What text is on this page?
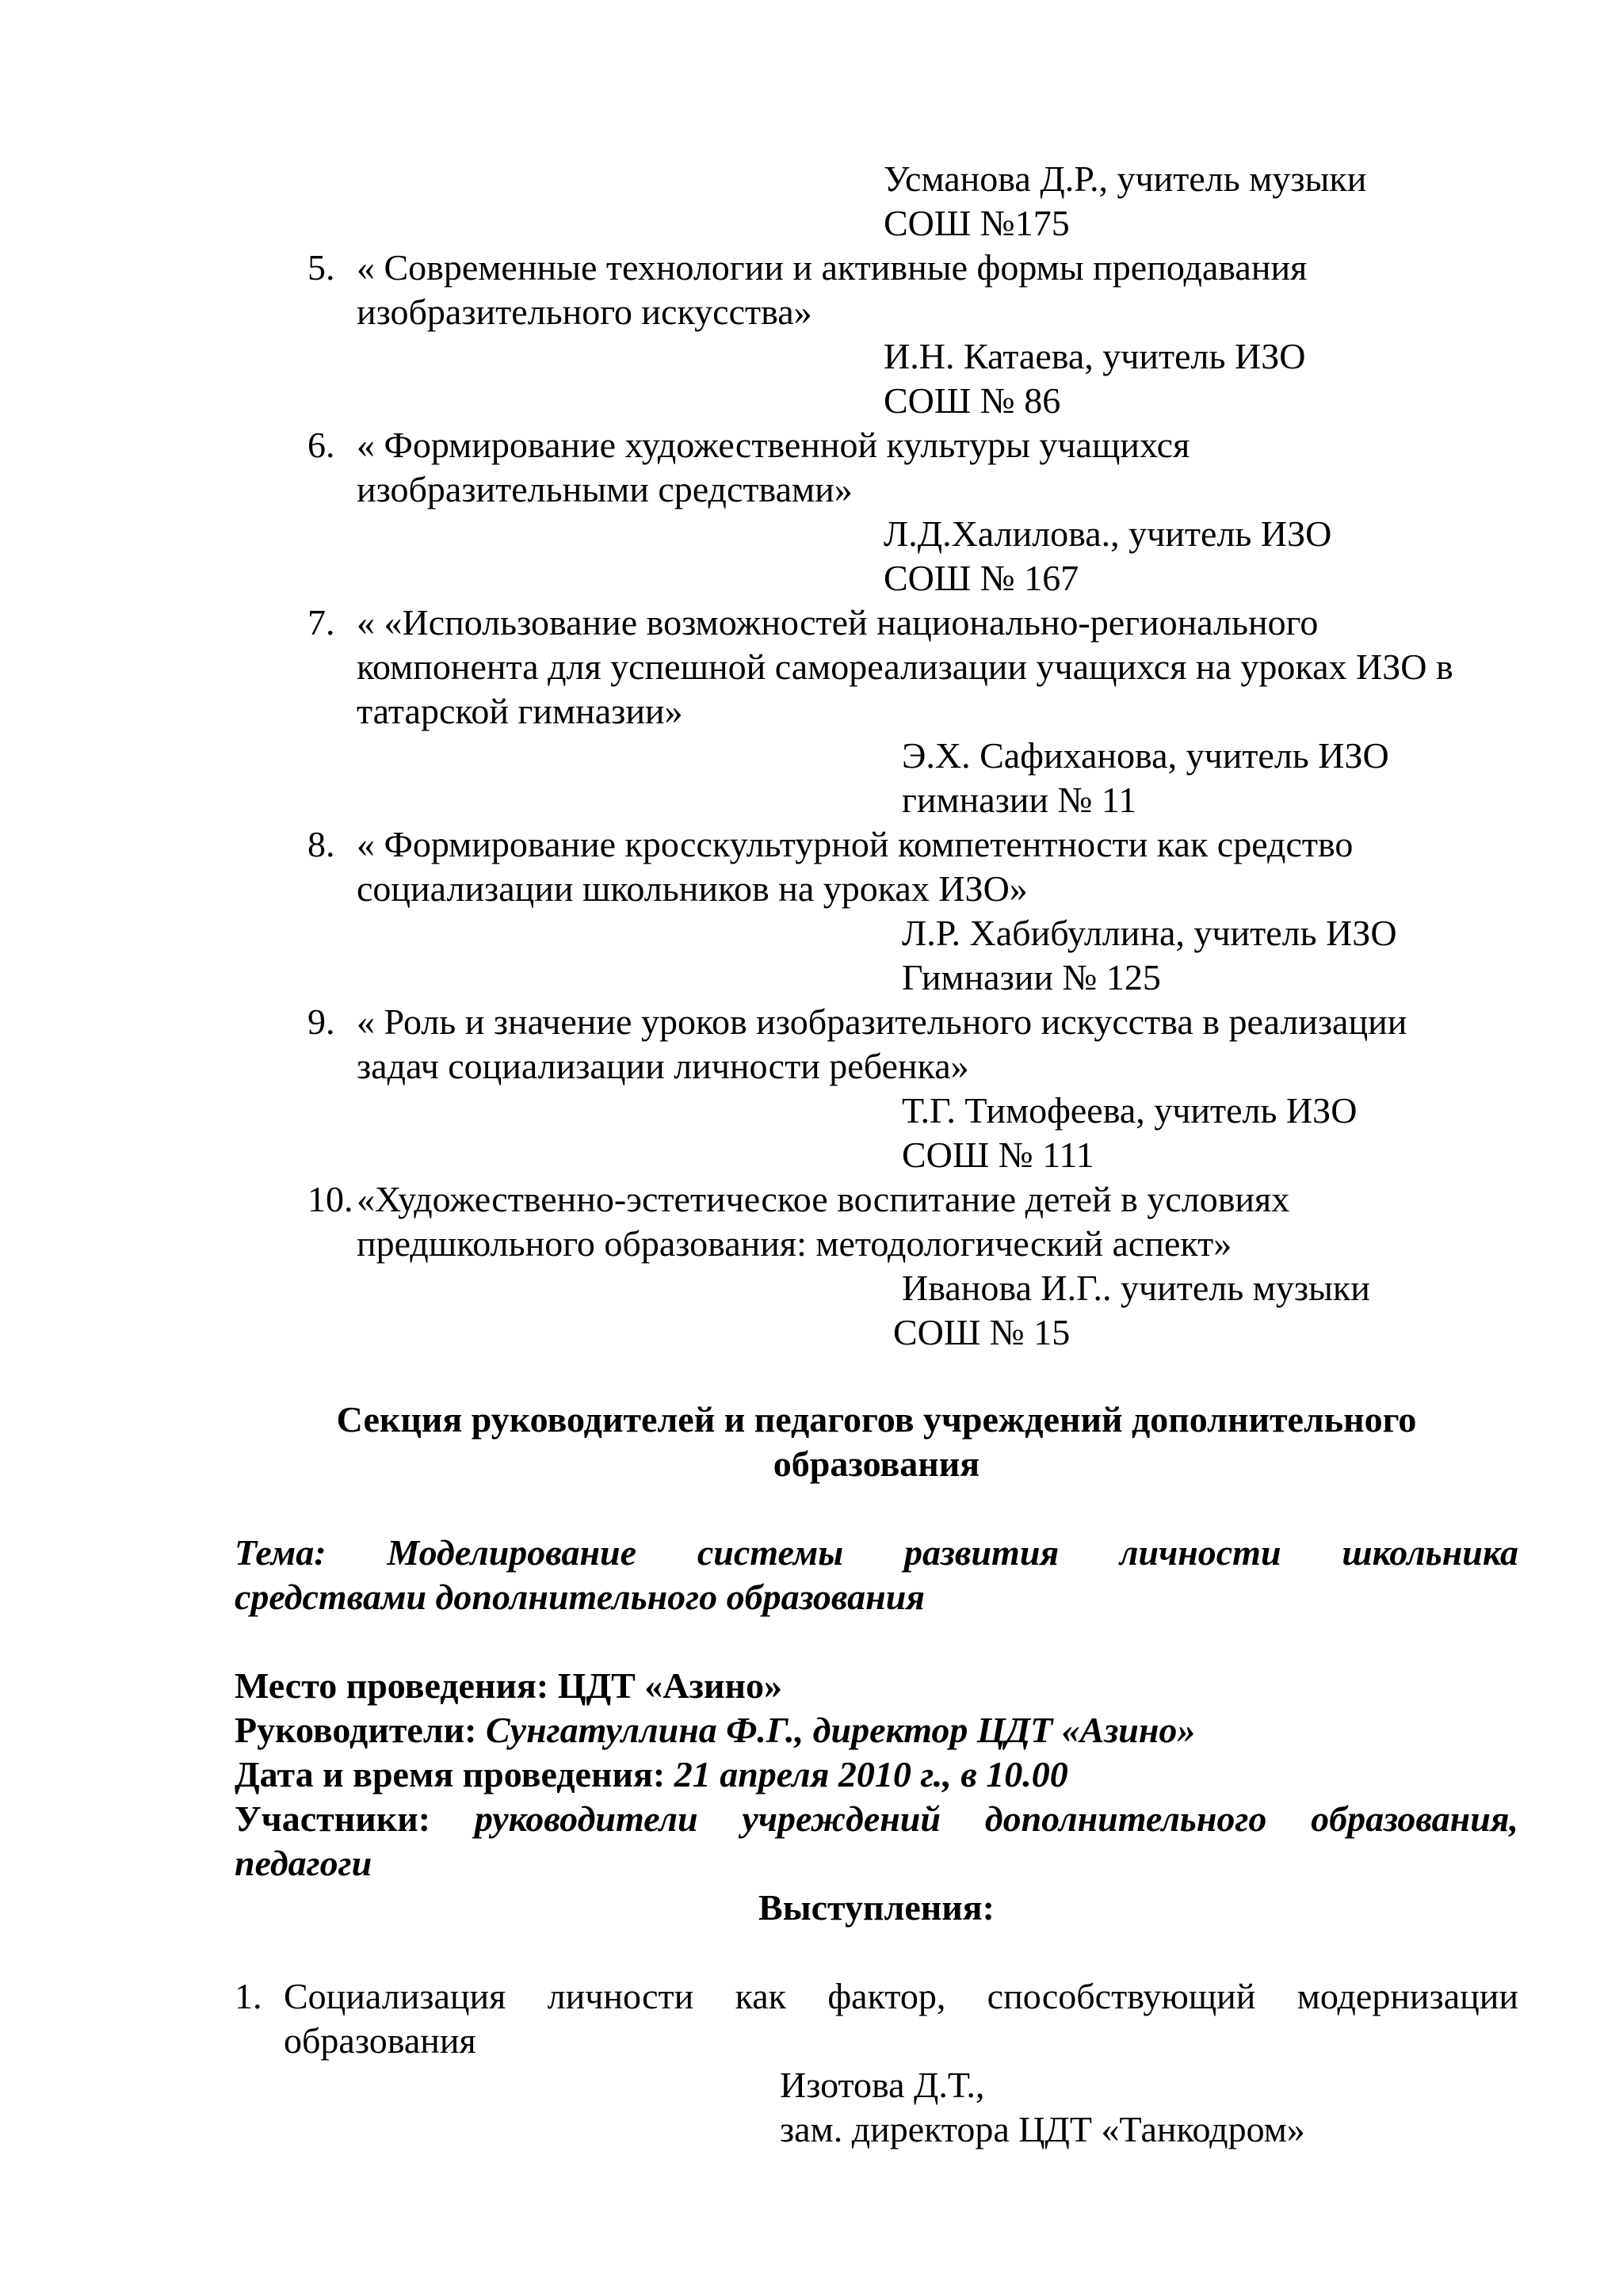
Усманова Д.Р., учитель музыки
СОШ №175
5. « Современные технологии и активные формы преподавания
изобразительного искусства»
И.Н. Катаева, учитель ИЗО
СОШ № 86
6. « Формирование художественной культуры учащихся
изобразительными средствами»
Л.Д.Халилова., учитель ИЗО
СОШ № 167
7. « «Использование возможностей национально-регионального
компонента для успешной самореализации учащихся на уроках ИЗО в
татарской гимназии»
Э.Х. Сафиханова, учитель ИЗО
гимназии № 11
8. « Формирование кросскультурной компетентности как средство
социализации школьников на уроках ИЗО»
Л.Р. Хабибуллина, учитель ИЗО
Гимназии № 125
9. « Роль и значение уроков изобразительного искусства в реализации
задач социализации личности ребенка»
Т.Г. Тимофеева, учитель ИЗО
СОШ № 111
10. «Художественно-эстетическое воспитание детей в условиях
предшкольного образования: методологический аспект»
Иванова И.Г.. учитель музыки
СОШ № 15
Секция руководителей и педагогов учреждений дополнительного
образования
Тема: Моделирование системы развития личности школьника
средствами дополнительного образования
Место проведения: ЦДТ «Азино»
Руководители: Сунгатуллина Ф.Г., директор ЦДТ «Азино»
Дата и время проведения: 21 апреля 2010 г., в 10.00
Участники: руководители учреждений дополнительного образования,
педагоги
Выступления:
1. Социализация личности как фактор, способствующий модернизации
образования
Изотова Д.Т.,
зам. директора ЦДТ «Танкодром»
